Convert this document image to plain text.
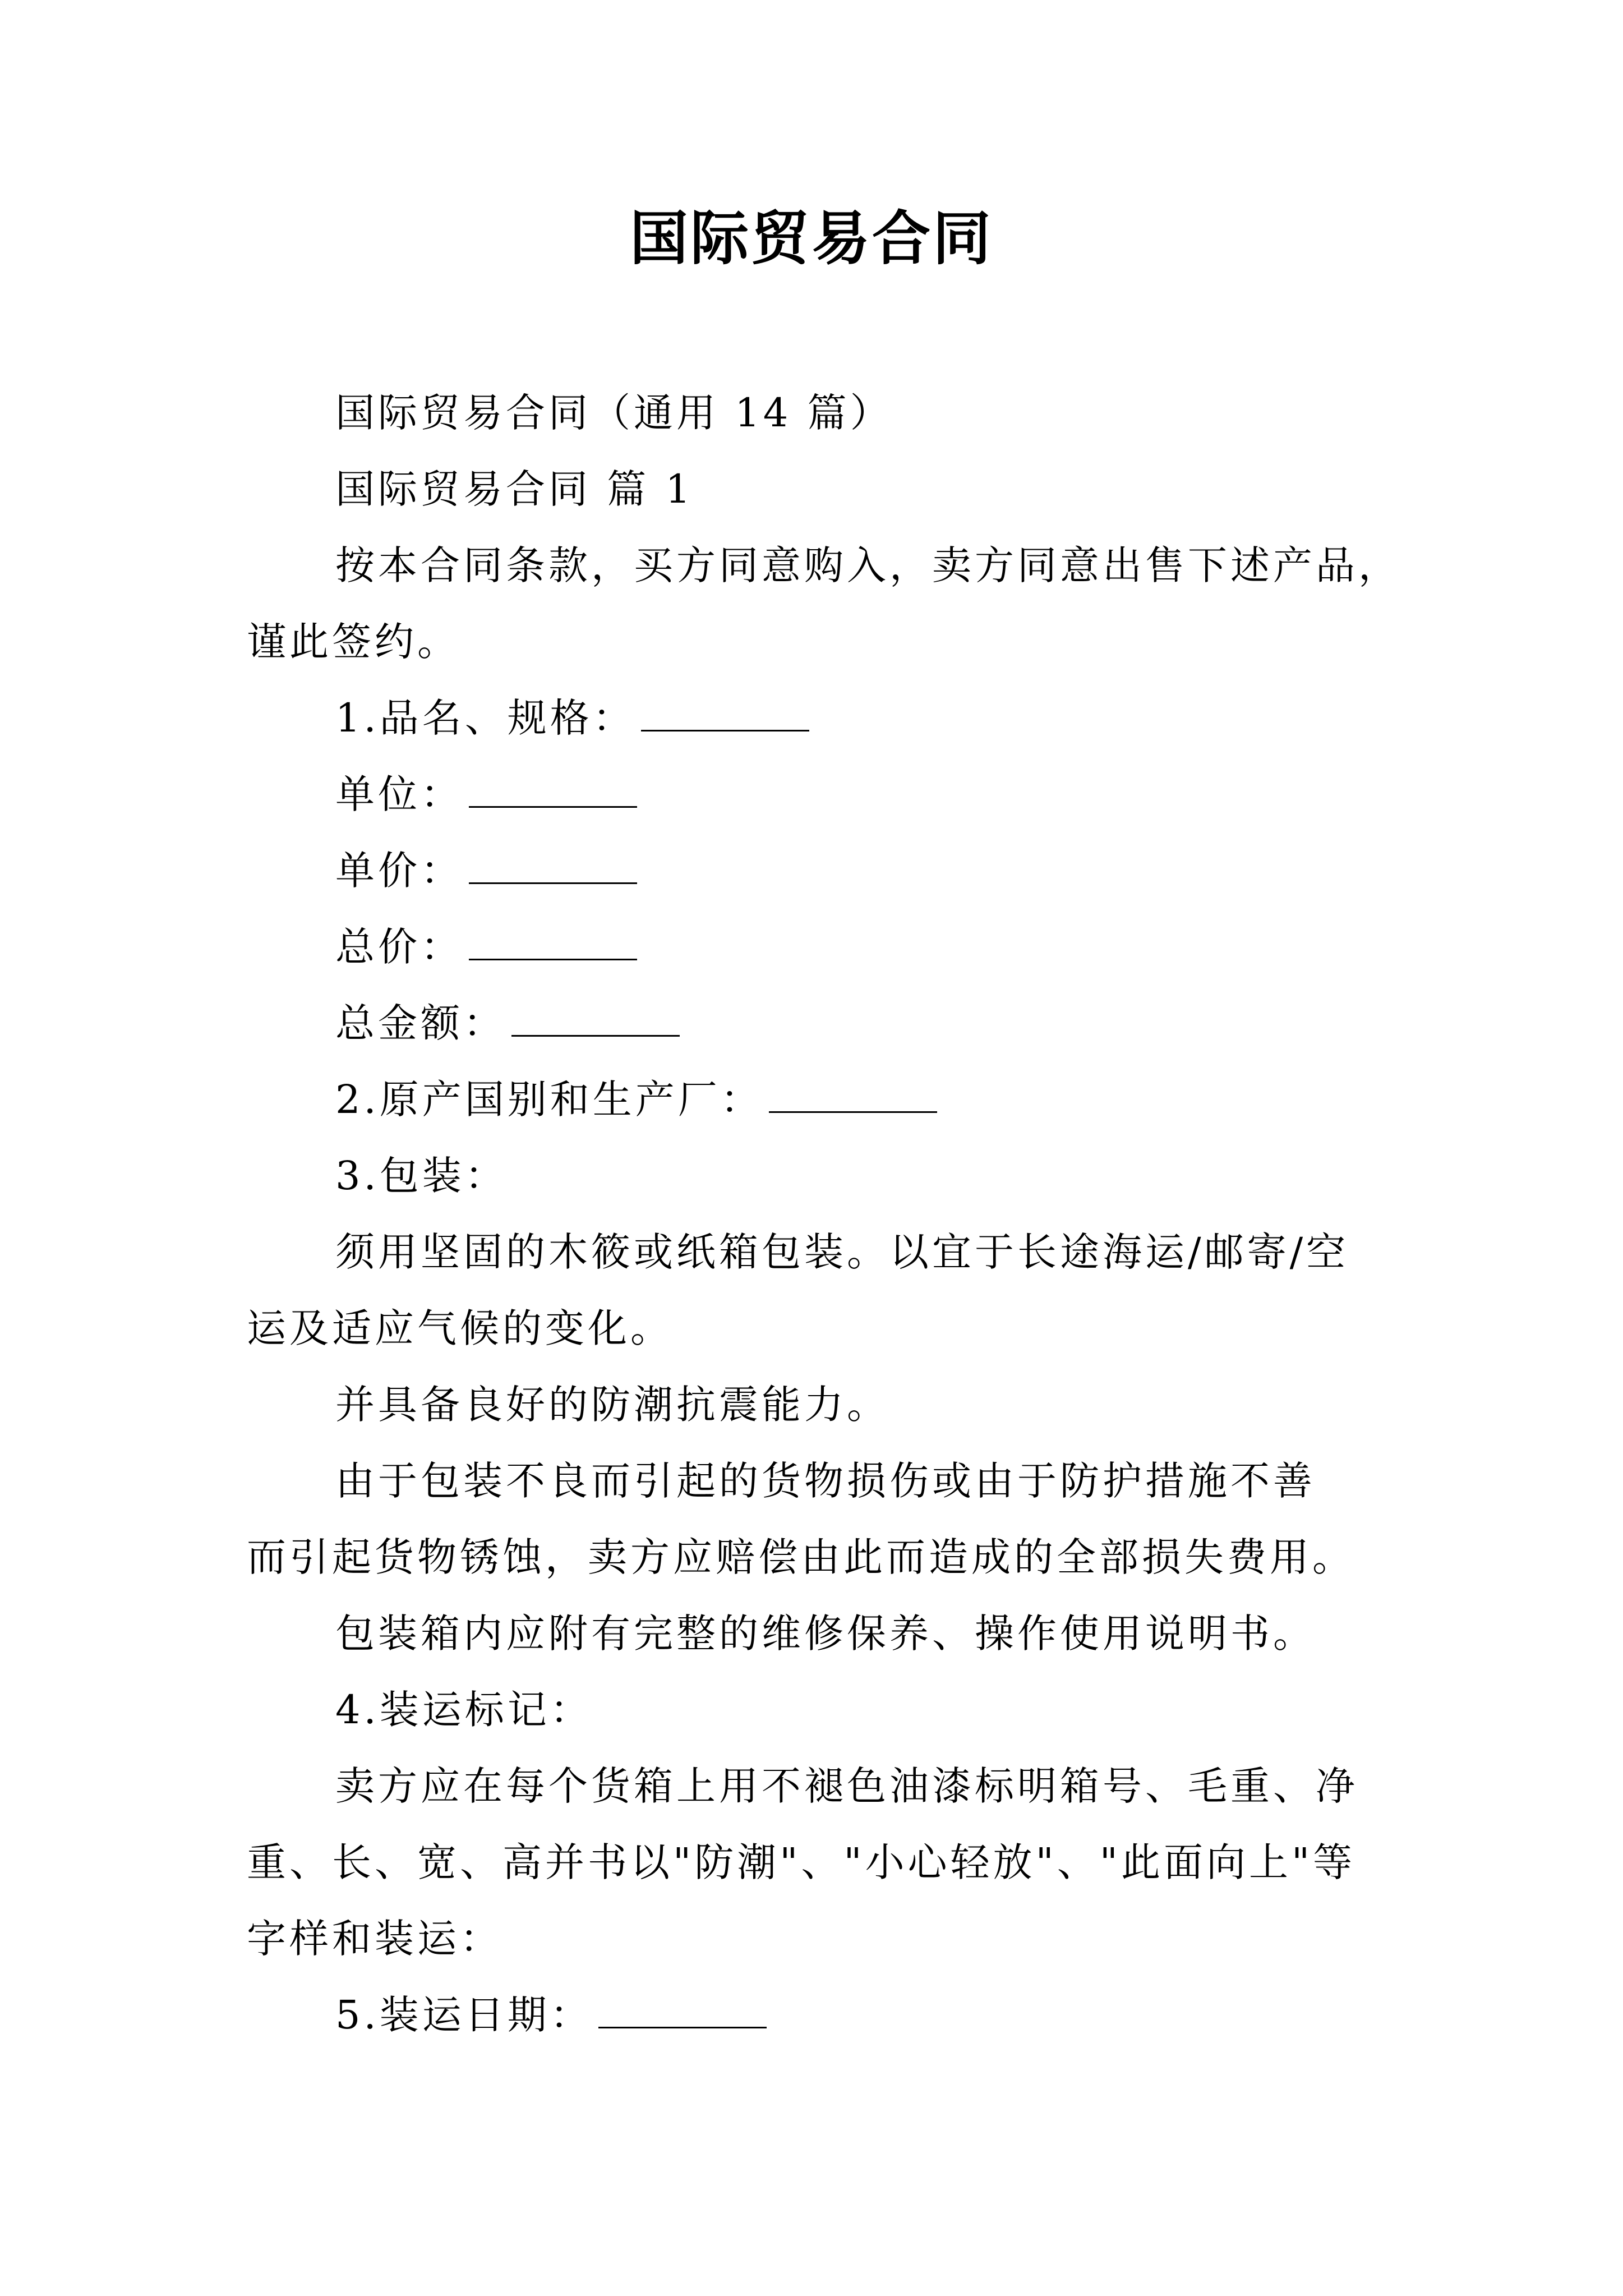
国际贸易合同
国际贸易合同（通用 14 篇）
国际贸易合同 篇 1
按本合同条款，买方同意购入，卖方同意出售下述产品，
谨此签约。
1.品名、规格：
单位：
单价：
总价：
总金额：
2.原产国别和生产厂：
3.包装：
须用坚固的木筱或纸箱包装。以宜于长途海运/邮寄/空
运及适应气候的变化。
并具备良好的防潮抗震能力。
由于包装不良而引起的货物损伤或由于防护措施不善
而引起货物锈蚀，卖方应赔偿由此而造成的全部损失费用。
包装箱内应附有完整的维修保养、操作使用说明书。
4.装运标记：
卖方应在每个货箱上用不褪色油漆标明箱号、毛重、净
重、长、宽、高并书以"防潮"、"小心轻放"、"此面向上"等
字样和装运：
5.装运日期：
